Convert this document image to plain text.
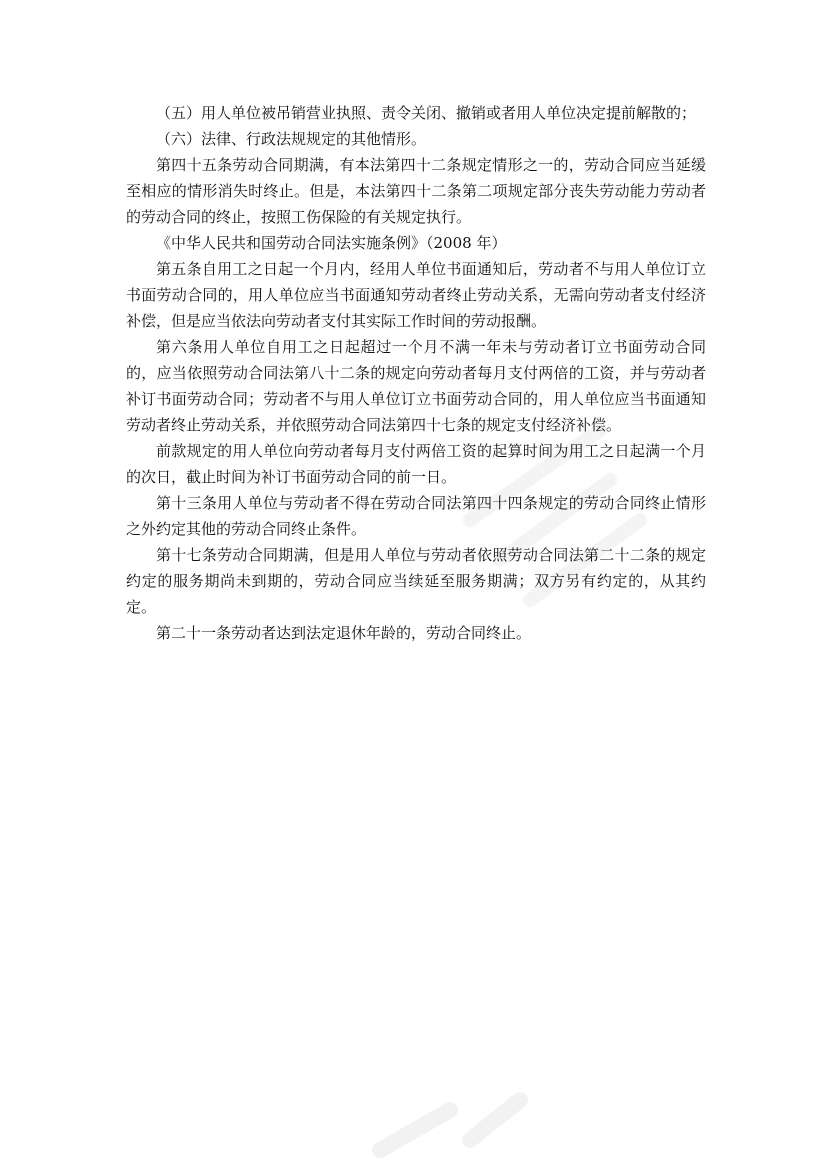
（五）用人单位被吊销营业执照、责令关闭、撤销或者用人单位决定提前解散的；

（六）法律、行政法规规定的其他情形。

第四十五条劳动合同期满，有本法第四十二条规定情形之一的，劳动合同应当延缓至相应的情形消失时终止。但是，本法第四十二条第二项规定部分丧失劳动能力劳动者的劳动合同的终止，按照工伤保险的有关规定执行。

《中华人民共和国劳动合同法实施条例》（2008 年）

第五条自用工之日起一个月内，经用人单位书面通知后，劳动者不与用人单位订立书面劳动合同的，用人单位应当书面通知劳动者终止劳动关系，无需向劳动者支付经济补偿，但是应当依法向劳动者支付其实际工作时间的劳动报酬。

第六条用人单位自用工之日起超过一个月不满一年未与劳动者订立书面劳动合同的，应当依照劳动合同法第八十二条的规定向劳动者每月支付两倍的工资，并与劳动者补订书面劳动合同；劳动者不与用人单位订立书面劳动合同的，用人单位应当书面通知劳动者终止劳动关系，并依照劳动合同法第四十七条的规定支付经济补偿。

前款规定的用人单位向劳动者每月支付两倍工资的起算时间为用工之日起满一个月的次日，截止时间为补订书面劳动合同的前一日。

第十三条用人单位与劳动者不得在劳动合同法第四十四条规定的劳动合同终止情形之外约定其他的劳动合同终止条件。

第十七条劳动合同期满，但是用人单位与劳动者依照劳动合同法第二十二条的规定约定的服务期尚未到期的，劳动合同应当续延至服务期满；双方另有约定的，从其约定。

第二十一条劳动者达到法定退休年龄的，劳动合同终止。
